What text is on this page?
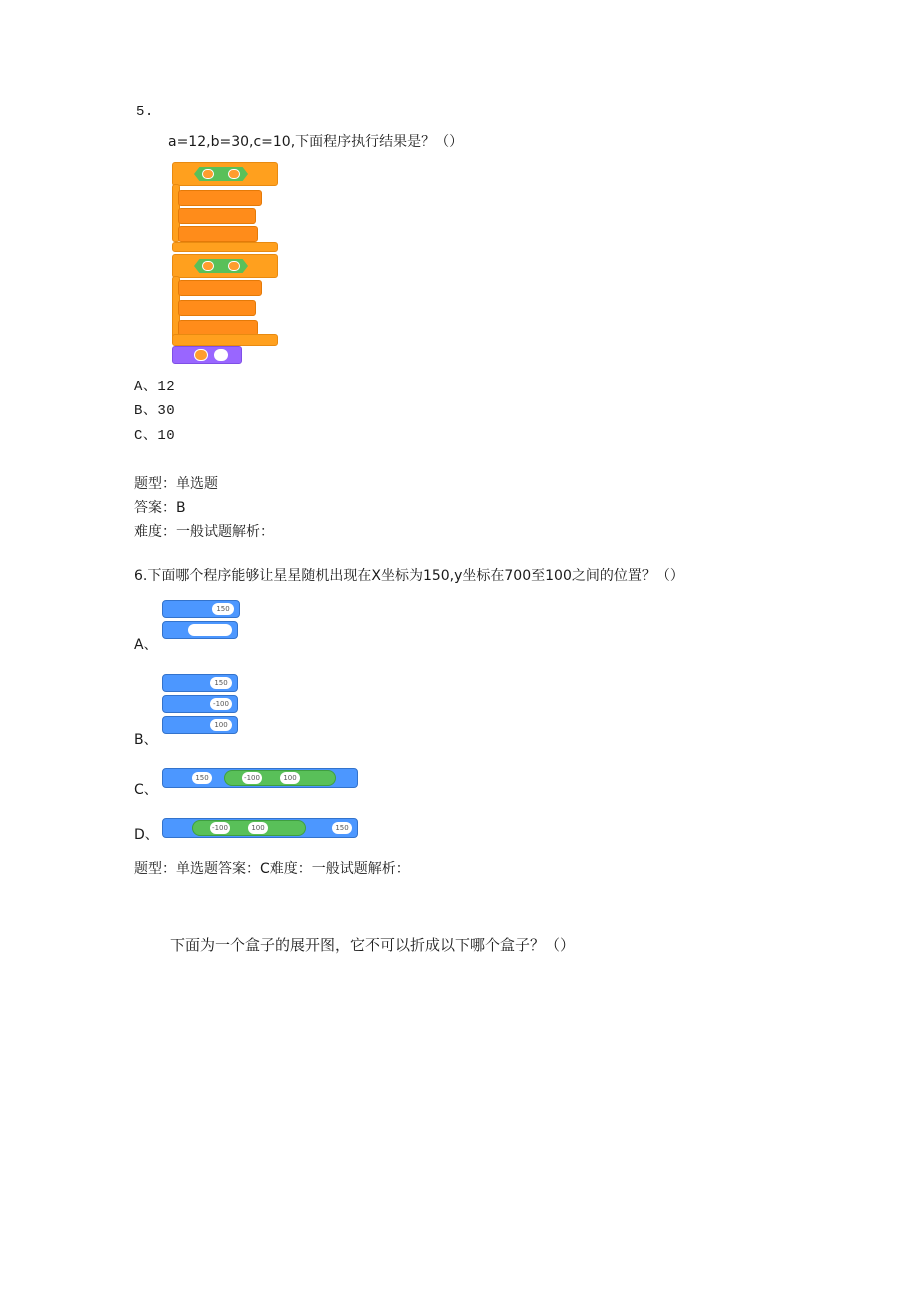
5.
a=12,b=30,c=10,下面程序执行结果是？（）
A、12
B、30
C、10
题型：单选题
答案：B
难度：一般试题解析：
6.下面哪个程序能够让星星随机出现在X坐标为150,y坐标在700至100之间的位置？（）
150
A、
150
-100
100
B、
150	-100	100
C、
-100	100	150
D、
题型：单选题答案：C难度：一般试题解析：
下面为一个盒子的展开图，它不可以折成以下哪个盒子？（）
